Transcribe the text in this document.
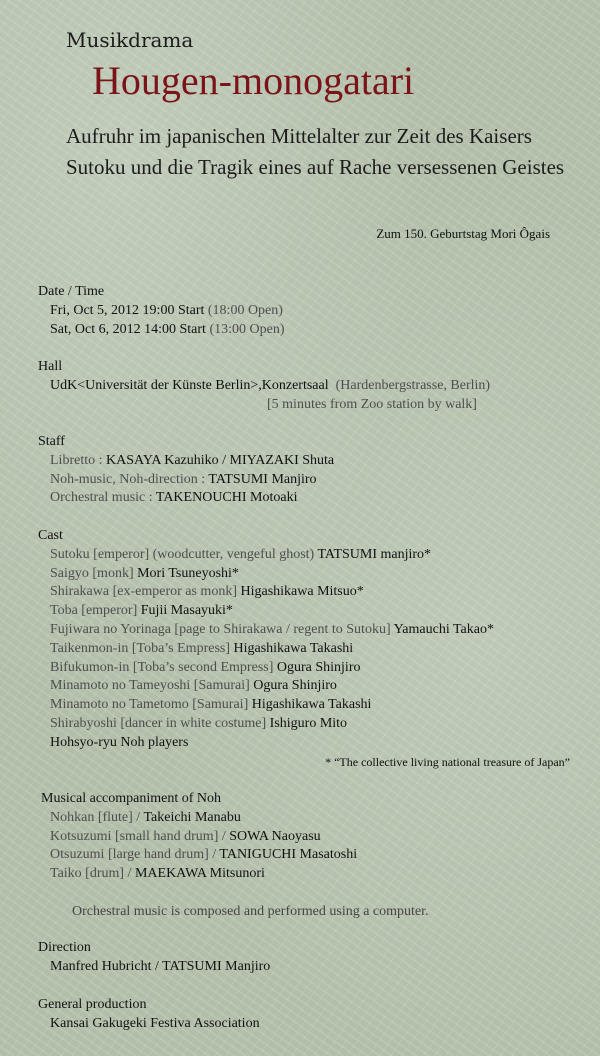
Musikdrama
Hougen-monogatari
Aufruhr im japanischen Mittelalter zur Zeit des Kaisers Sutoku und die Tragik eines auf Rache versessenen Geistes
Zum 150. Geburtstag Mori Ôgais
Date / Time
Fri, Oct 5, 2012 19:00 Start (18:00 Open)
Sat, Oct 6, 2012 14:00 Start (13:00 Open)
Hall
UdK<Universität der Künste Berlin>,Konzertsaal (Hardenbergstrasse, Berlin)
[5 minutes from Zoo station by walk]
Staff
Libretto : KASAYA Kazuhiko / MIYAZAKI Shuta
Noh-music, Noh-direction : TATSUMI Manjiro
Orchestral music : TAKENOUCHI Motoaki
Cast
Sutoku [emperor] (woodcutter, vengeful ghost) TATSUMI manjiro*
Saigyo [monk] Mori Tsuneyoshi*
Shirakawa [ex-emperor as monk] Higashikawa Mitsuo*
Toba [emperor] Fujii Masayuki*
Fujiwara no Yorinaga [page to Shirakawa / regent to Sutoku] Yamauchi Takao*
Taikenmon-in [Toba’s Empress] Higashikawa Takashi
Bifukumon-in [Toba’s second Empress] Ogura Shinjiro
Minamoto no Tameyoshi [Samurai] Ogura Shinjiro
Minamoto no Tametomo [Samurai] Higashikawa Takashi
Shirabyoshi [dancer in white costume] Ishiguro Mito
Hohsyo-ryu Noh players
* “The collective living national treasure of Japan”
Musical accompaniment of Noh
Nohkan [flute] / Takeichi Manabu
Kotsuzumi [small hand drum] / SOWA Naoyasu
Otsuzumi [large hand drum] / TANIGUCHI Masatoshi
Taiko [drum] / MAEKAWA Mitsunori
Orchestral music is composed and performed using a computer.
Direction
Manfred Hubricht / TATSUMI Manjiro
General production
Kansai Gakugeki Festiva Association
